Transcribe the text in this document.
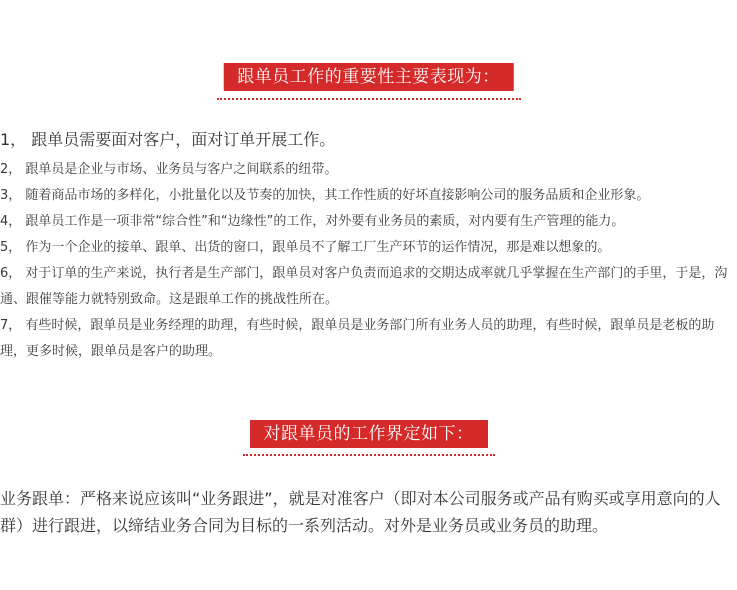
跟单员工作的重要性主要表现为：
1， 跟单员需要面对客户，面对订单开展工作。
2， 跟单员是企业与市场、业务员与客户之间联系的纽带。
3， 随着商品市场的多样化，小批量化以及节奏的加快，其工作性质的好坏直接影响公司的服务品质和企业形象。
4， 跟单员工作是一项非常“综合性”和“边缘性”的工作，对外要有业务员的素质，对内要有生产管理的能力。
5， 作为一个企业的接单、跟单、出货的窗口，跟单员不了解工厂生产环节的运作情况，那是难以想象的。
6， 对于订单的生产来说，执行者是生产部门，跟单员对客户负责而追求的交期达成率就几乎掌握在生产部门的手里，于是，沟通、跟催等能力就特别致命。这是跟单工作的挑战性所在。
7， 有些时候，跟单员是业务经理的助理，有些时候，跟单员是业务部门所有业务人员的助理，有些时候，跟单员是老板的助理，更多时候，跟单员是客户的助理。
对跟单员的工作界定如下：

业务跟单：严格来说应该叫“业务跟进”，就是对准客户（即对本公司服务或产品有购买或享用意向的人群）进行跟进，以缔结业务合同为目标的一系列活动。对外是业务员或业务员的助理。
